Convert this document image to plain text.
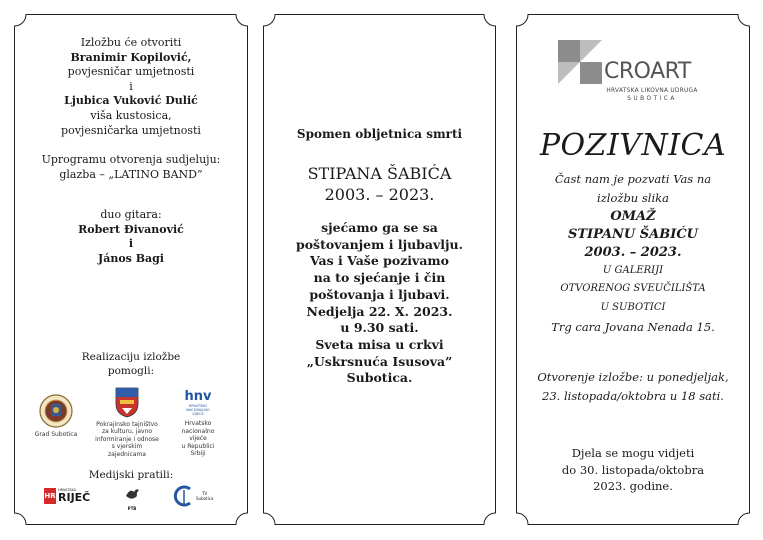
Izložbu će otvoriti
Branimir Kopilović,
povjesničar umjetnosti
i
Ljubica Vuković Dulić
viša kustosica,
povjesničarka umjetnosti
Uprogramu otvorenja sudjeluju:
glazba – „LATINO BAND”
duo gitara:
Robert Đivanović
i
János Bagi
Realizaciju izložbe
pomogli:
Grad Subotica
Pokrajinsko tajništvo
za kulturu, javno
informiranje i odnose
s vjerskim
zajednicama
hnv
HRVATSKO
NACIONALNO
VIJEĆE
Hrvatsko
nacionalno
vijeće
u Republici
Srbiji
Medijski pratili:
HR
HRVATSKA
RIJEČ
PTB
TV
Subotica
Spomen obljetnica smrti
STIPANA ŠABIĆA
2003. – 2023.
sjećamo ga se sa
poštovanjem i ljubavlju.
Vas i Vaše pozivamo
na to sjećanje i čin
poštovanja i ljubavi.
Nedjelja 22. X. 2023.
u 9.30 sati.
Sveta misa u crkvi
„Uskrsnuća Isusova”
Subotica.
CROART
HRVATSKA LIKOVNA UDRUGA
SUBOTICA
POZIVNICA
Čast nam je pozvati Vas na
izložbu slika
OMAŽ
STIPANU ŠABIĆU
2003. – 2023.
U GALERIJI
OTVORENOG SVEUČILIŠTA
U SUBOTICI
Trg cara Jovana Nenada 15.
Otvorenje izložbe: u ponedjeljak,
23. listopada/oktobra u 18 sati.
Djela se mogu vidjeti
do 30. listopada/oktobra
2023. godine.
